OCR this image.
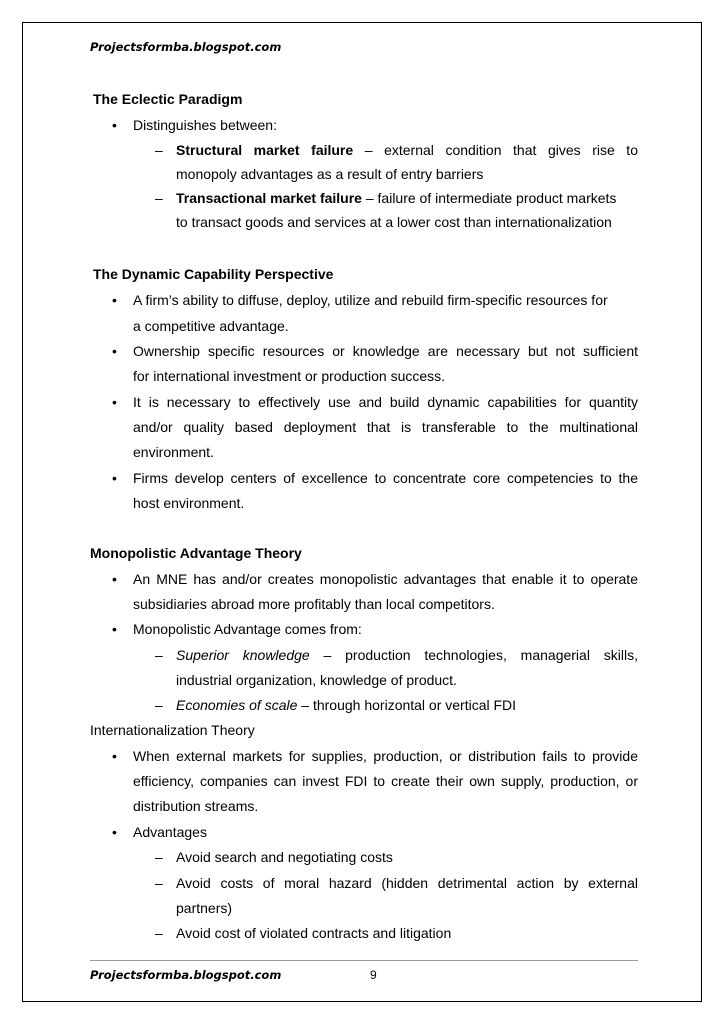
Projectsformba.blogspot.com
The Eclectic Paradigm
• Distinguishes between:
– Structural market failure – external condition that gives rise to
monopoly advantages as a result of entry barriers
– Transactional market failure – failure of intermediate product markets
to transact goods and services at a lower cost than internationalization
The Dynamic Capability Perspective
• A firm’s ability to diffuse, deploy, utilize and rebuild firm-specific resources for
a competitive advantage.
• Ownership specific resources or knowledge are necessary but not sufficient
for international investment or production success.
• It is necessary to effectively use and build dynamic capabilities for quantity
and/or quality based deployment that is transferable to the multinational
environment.
• Firms develop centers of excellence to concentrate core competencies to the
host environment.
Monopolistic Advantage Theory
• An MNE has and/or creates monopolistic advantages that enable it to operate
subsidiaries abroad more profitably than local competitors.
• Monopolistic Advantage comes from:
– Superior knowledge – production technologies, managerial skills,
industrial organization, knowledge of product.
– Economies of scale – through horizontal or vertical FDI
Internationalization Theory
• When external markets for supplies, production, or distribution fails to provide
efficiency, companies can invest FDI to create their own supply, production, or
distribution streams.
• Advantages
– Avoid search and negotiating costs
– Avoid costs of moral hazard (hidden detrimental action by external
partners)
– Avoid cost of violated contracts and litigation
Projectsformba.blogspot.com	9
